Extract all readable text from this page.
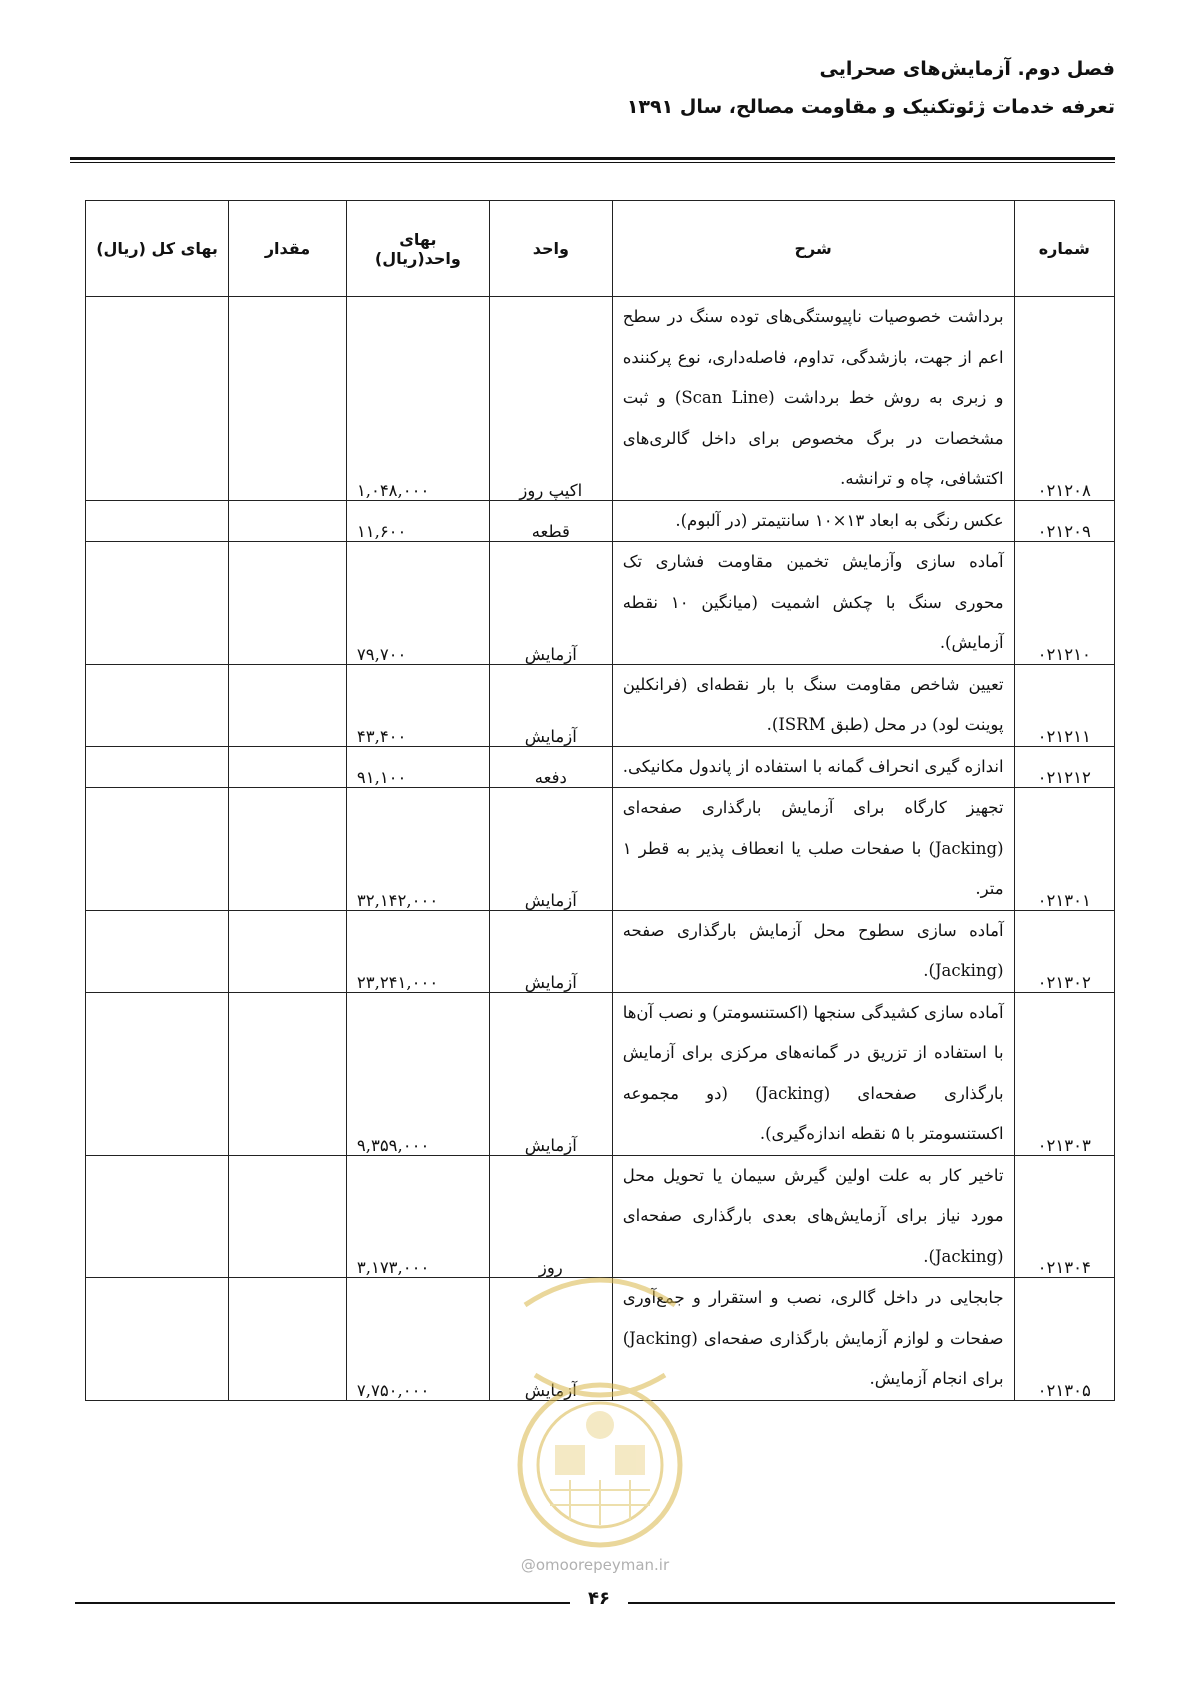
فصل دوم. آزمایش‌های صحرایی
تعرفه خدمات ژئوتکنیک و مقاومت مصالح، سال ۱۳۹۱
شماره	شرح	واحد	بهای واحد(ریال)	مقدار	بهای کل (ریال)
۰۲۱۲۰۸	برداشت خصوصیات ناپیوستگی‌های توده سنگ در سطح اعم از جهت، بازشدگی، تداوم، فاصله‌داری، نوع پرکننده و زبری به روش خط برداشت (Scan Line) و ثبت مشخصات در برگ مخصوص برای داخل گالری‌های اکتشافی، چاه و ترانشه.	اکیپ روز	۱,۰۴۸,۰۰۰		
۰۲۱۲۰۹	عکس رنگی به ابعاد ۱۳×۱۰ سانتیمتر (در آلبوم).	قطعه	۱۱,۶۰۰		
۰۲۱۲۱۰	آماده سازی وآزمایش تخمین مقاومت فشاری تک محوری سنگ با چکش اشمیت (میانگین ۱۰ نقطه آزمایش).	آزمایش	۷۹,۷۰۰		
۰۲۱۲۱۱	تعیین شاخص مقاومت سنگ با بار نقطه‌ای (فرانکلین پوینت لود) در محل (طبق ISRM).	آزمایش	۴۳,۴۰۰		
۰۲۱۲۱۲	اندازه گیری انحراف گمانه با استفاده از پاندول مکانیکی.	دفعه	۹۱,۱۰۰		
۰۲۱۳۰۱	تجهیز کارگاه برای آزمایش بارگذاری صفحه‌ای (Jacking) با صفحات صلب یا انعطاف پذیر به قطر ۱ متر.	آزمایش	۳۲,۱۴۲,۰۰۰		
۰۲۱۳۰۲	آماده سازی سطوح محل آزمایش بارگذاری صفحه (Jacking).	آزمایش	۲۳,۲۴۱,۰۰۰		
۰۲۱۳۰۳	آماده سازی کشیدگی سنجها (اکستنسومتر) و نصب آن‌ها با استفاده از تزریق در گمانه‌های مرکزی برای آزمایش بارگذاری صفحه‌ای (Jacking) (دو مجموعه اکستنسومتر با ۵ نقطه اندازه‌گیری).	آزمایش	۹,۳۵۹,۰۰۰		
۰۲۱۳۰۴	تاخیر کار به علت اولین گیرش سیمان یا تحویل محل مورد نیاز برای آزمایش‌های بعدی بارگذاری صفحه‌ای (Jacking).	روز	۳,۱۷۳,۰۰۰		
۰۲۱۳۰۵	جابجایی در داخل گالری، نصب و استقرار و جمع‌آوری صفحات و لوازم آزمایش بارگذاری صفحه‌ای (Jacking) برای انجام آزمایش.	آزمایش	۷,۷۵۰,۰۰۰		
@omoorepeyman.ir
۴۶
